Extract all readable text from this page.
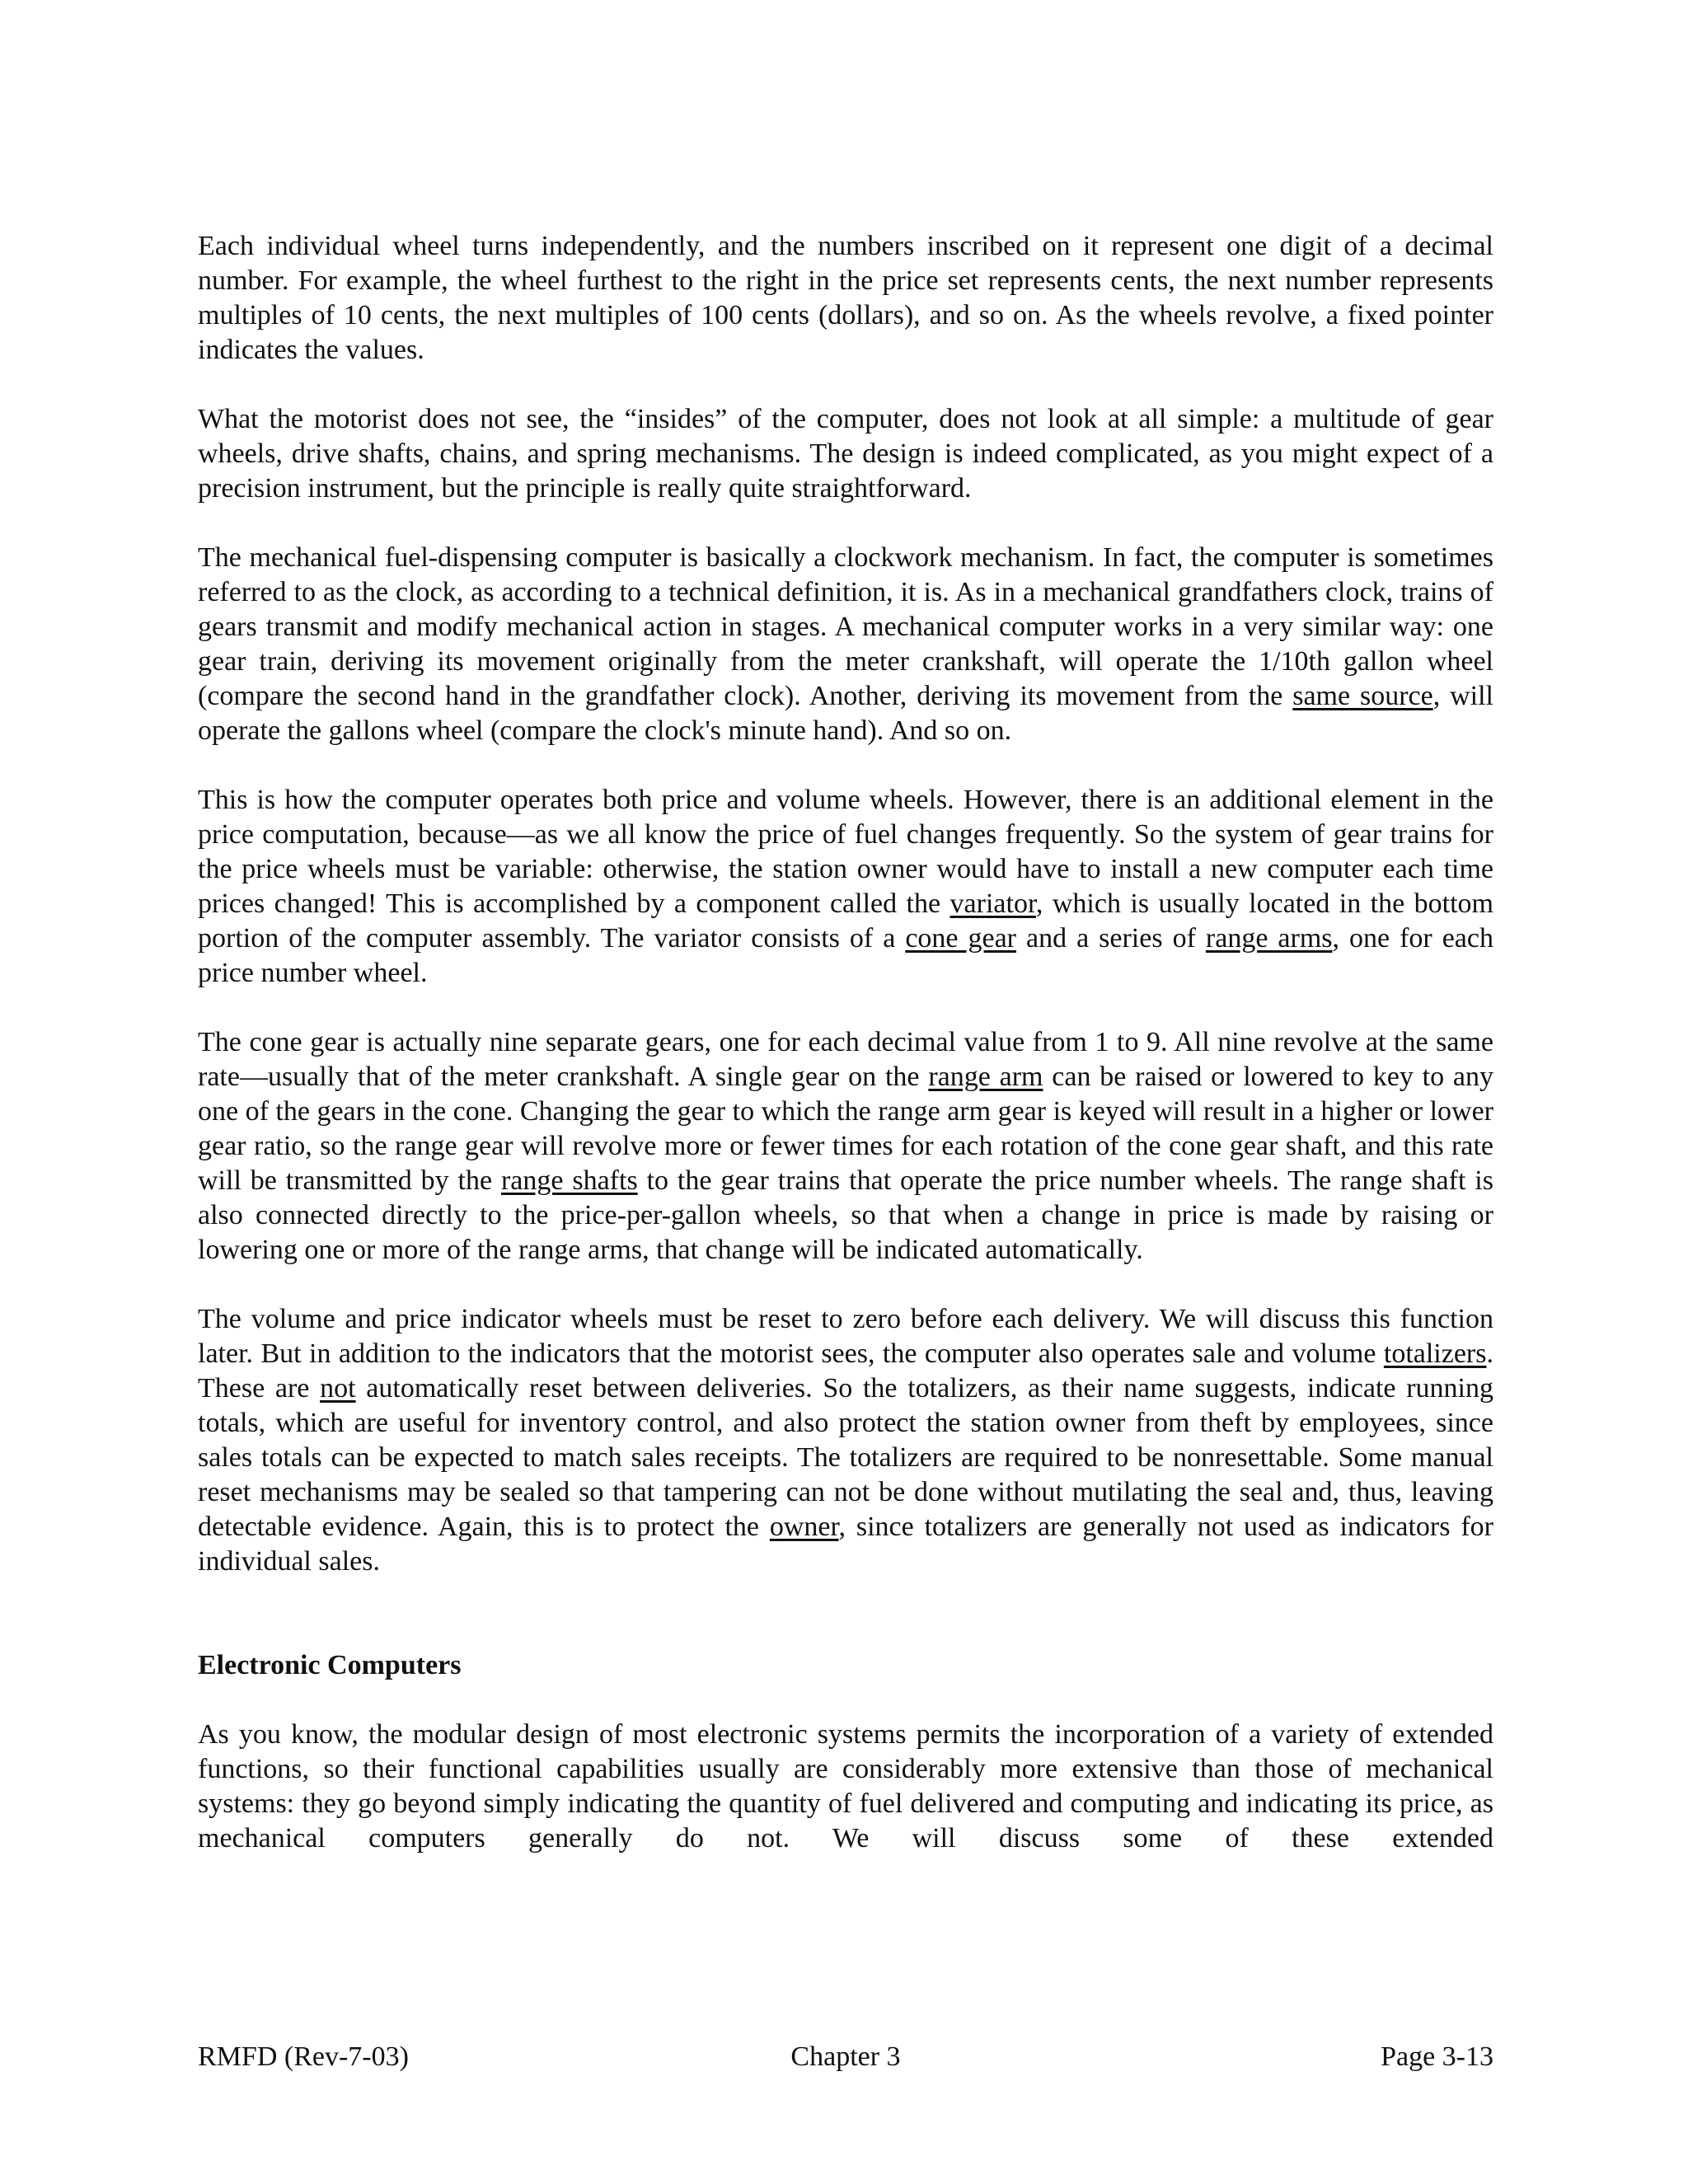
Each individual wheel turns independently, and the numbers inscribed on it represent one digit of a decimal number. For example, the wheel furthest to the right in the price set represents cents, the next number represents multiples of 10 cents, the next multiples of 100 cents (dollars), and so on. As the wheels revolve, a fixed pointer indicates the values.

What the motorist does not see, the “insides” of the computer, does not look at all simple: a multitude of gear wheels, drive shafts, chains, and spring mechanisms. The design is indeed complicated, as you might expect of a precision instrument, but the principle is really quite straightforward.

The mechanical fuel-dispensing computer is basically a clockwork mechanism. In fact, the computer is sometimes referred to as the clock, as according to a technical definition, it is. As in a mechanical grandfathers clock, trains of gears transmit and modify mechanical action in stages. A mechanical computer works in a very similar way: one gear train, deriving its movement originally from the meter crankshaft, will operate the 1/10th gallon wheel (compare the second hand in the grandfather clock). Another, deriving its movement from the same source, will operate the gallons wheel (compare the clock's minute hand). And so on.

This is how the computer operates both price and volume wheels. However, there is an additional element in the price computation, because—as we all know the price of fuel changes frequently. So the system of gear trains for the price wheels must be variable: otherwise, the station owner would have to install a new computer each time prices changed! This is accomplished by a component called the variator, which is usually located in the bottom portion of the computer assembly. The variator consists of a cone gear and a series of range arms, one for each price number wheel.

The cone gear is actually nine separate gears, one for each decimal value from 1 to 9. All nine revolve at the same rate—usually that of the meter crankshaft. A single gear on the range arm can be raised or lowered to key to any one of the gears in the cone. Changing the gear to which the range arm gear is keyed will result in a higher or lower gear ratio, so the range gear will revolve more or fewer times for each rotation of the cone gear shaft, and this rate will be transmitted by the range shafts to the gear trains that operate the price number wheels. The range shaft is also connected directly to the price-per-gallon wheels, so that when a change in price is made by raising or lowering one or more of the range arms, that change will be indicated automatically.

The volume and price indicator wheels must be reset to zero before each delivery. We will discuss this function later. But in addition to the indicators that the motorist sees, the computer also operates sale and volume totalizers. These are not automatically reset between deliveries. So the totalizers, as their name suggests, indicate running totals, which are useful for inventory control, and also protect the station owner from theft by employees, since sales totals can be expected to match sales receipts. The totalizers are required to be nonresettable. Some manual reset mechanisms may be sealed so that tampering can not be done without mutilating the seal and, thus, leaving detectable evidence. Again, this is to protect the owner, since totalizers are generally not used as indicators for individual sales.

Electronic Computers

As you know, the modular design of most electronic systems permits the incorporation of a variety of extended functions, so their functional capabilities usually are considerably more extensive than those of mechanical systems: they go beyond simply indicating the quantity of fuel delivered and computing and indicating its price, as mechanical computers generally do not. We will discuss some of these extended

RMFD (Rev-7-03)	Chapter 3	Page 3-13
